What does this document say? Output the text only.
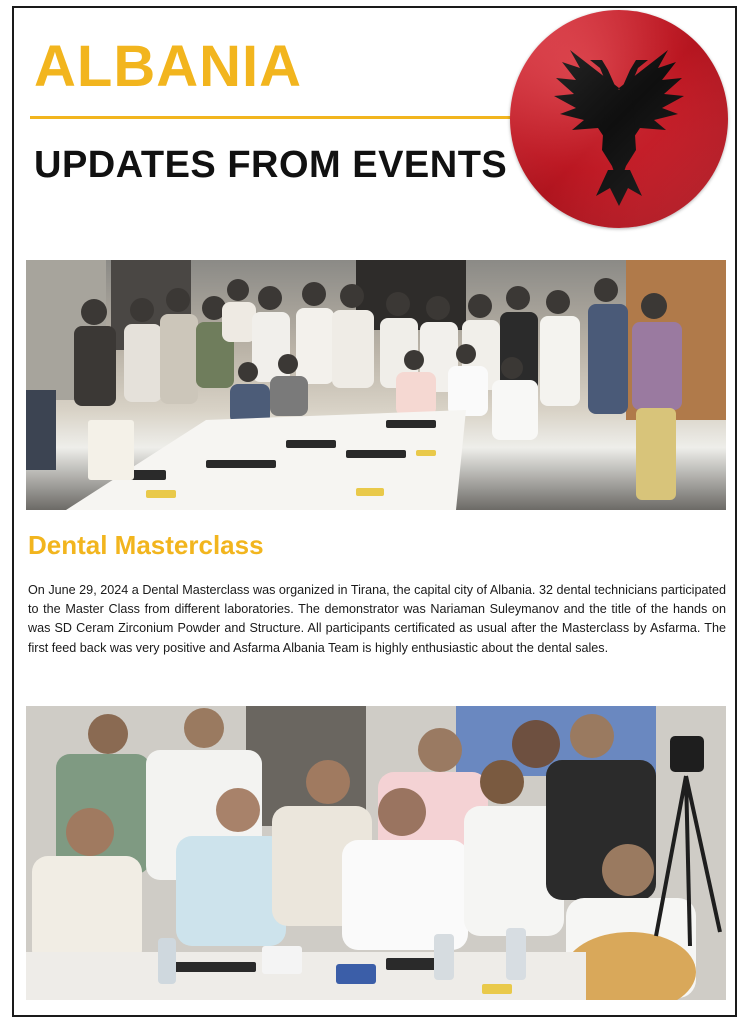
ALBANIA
UPDATES FROM EVENTS
Dental Masterclass

On June 29, 2024 a Dental Masterclass was organized in Tirana, the capital city of Albania. 32 dental technicians participated to the Master Class from different laboratories. The demonstrator was Nariaman Suleymanov and the title of the hands on was SD Ceram Zirconium Powder and Structure. All participants certificated as usual after the Masterclass by Asfarma. The first feed back was very positive and Asfarma Albania Team is highly enthusiastic about the dental sales.
